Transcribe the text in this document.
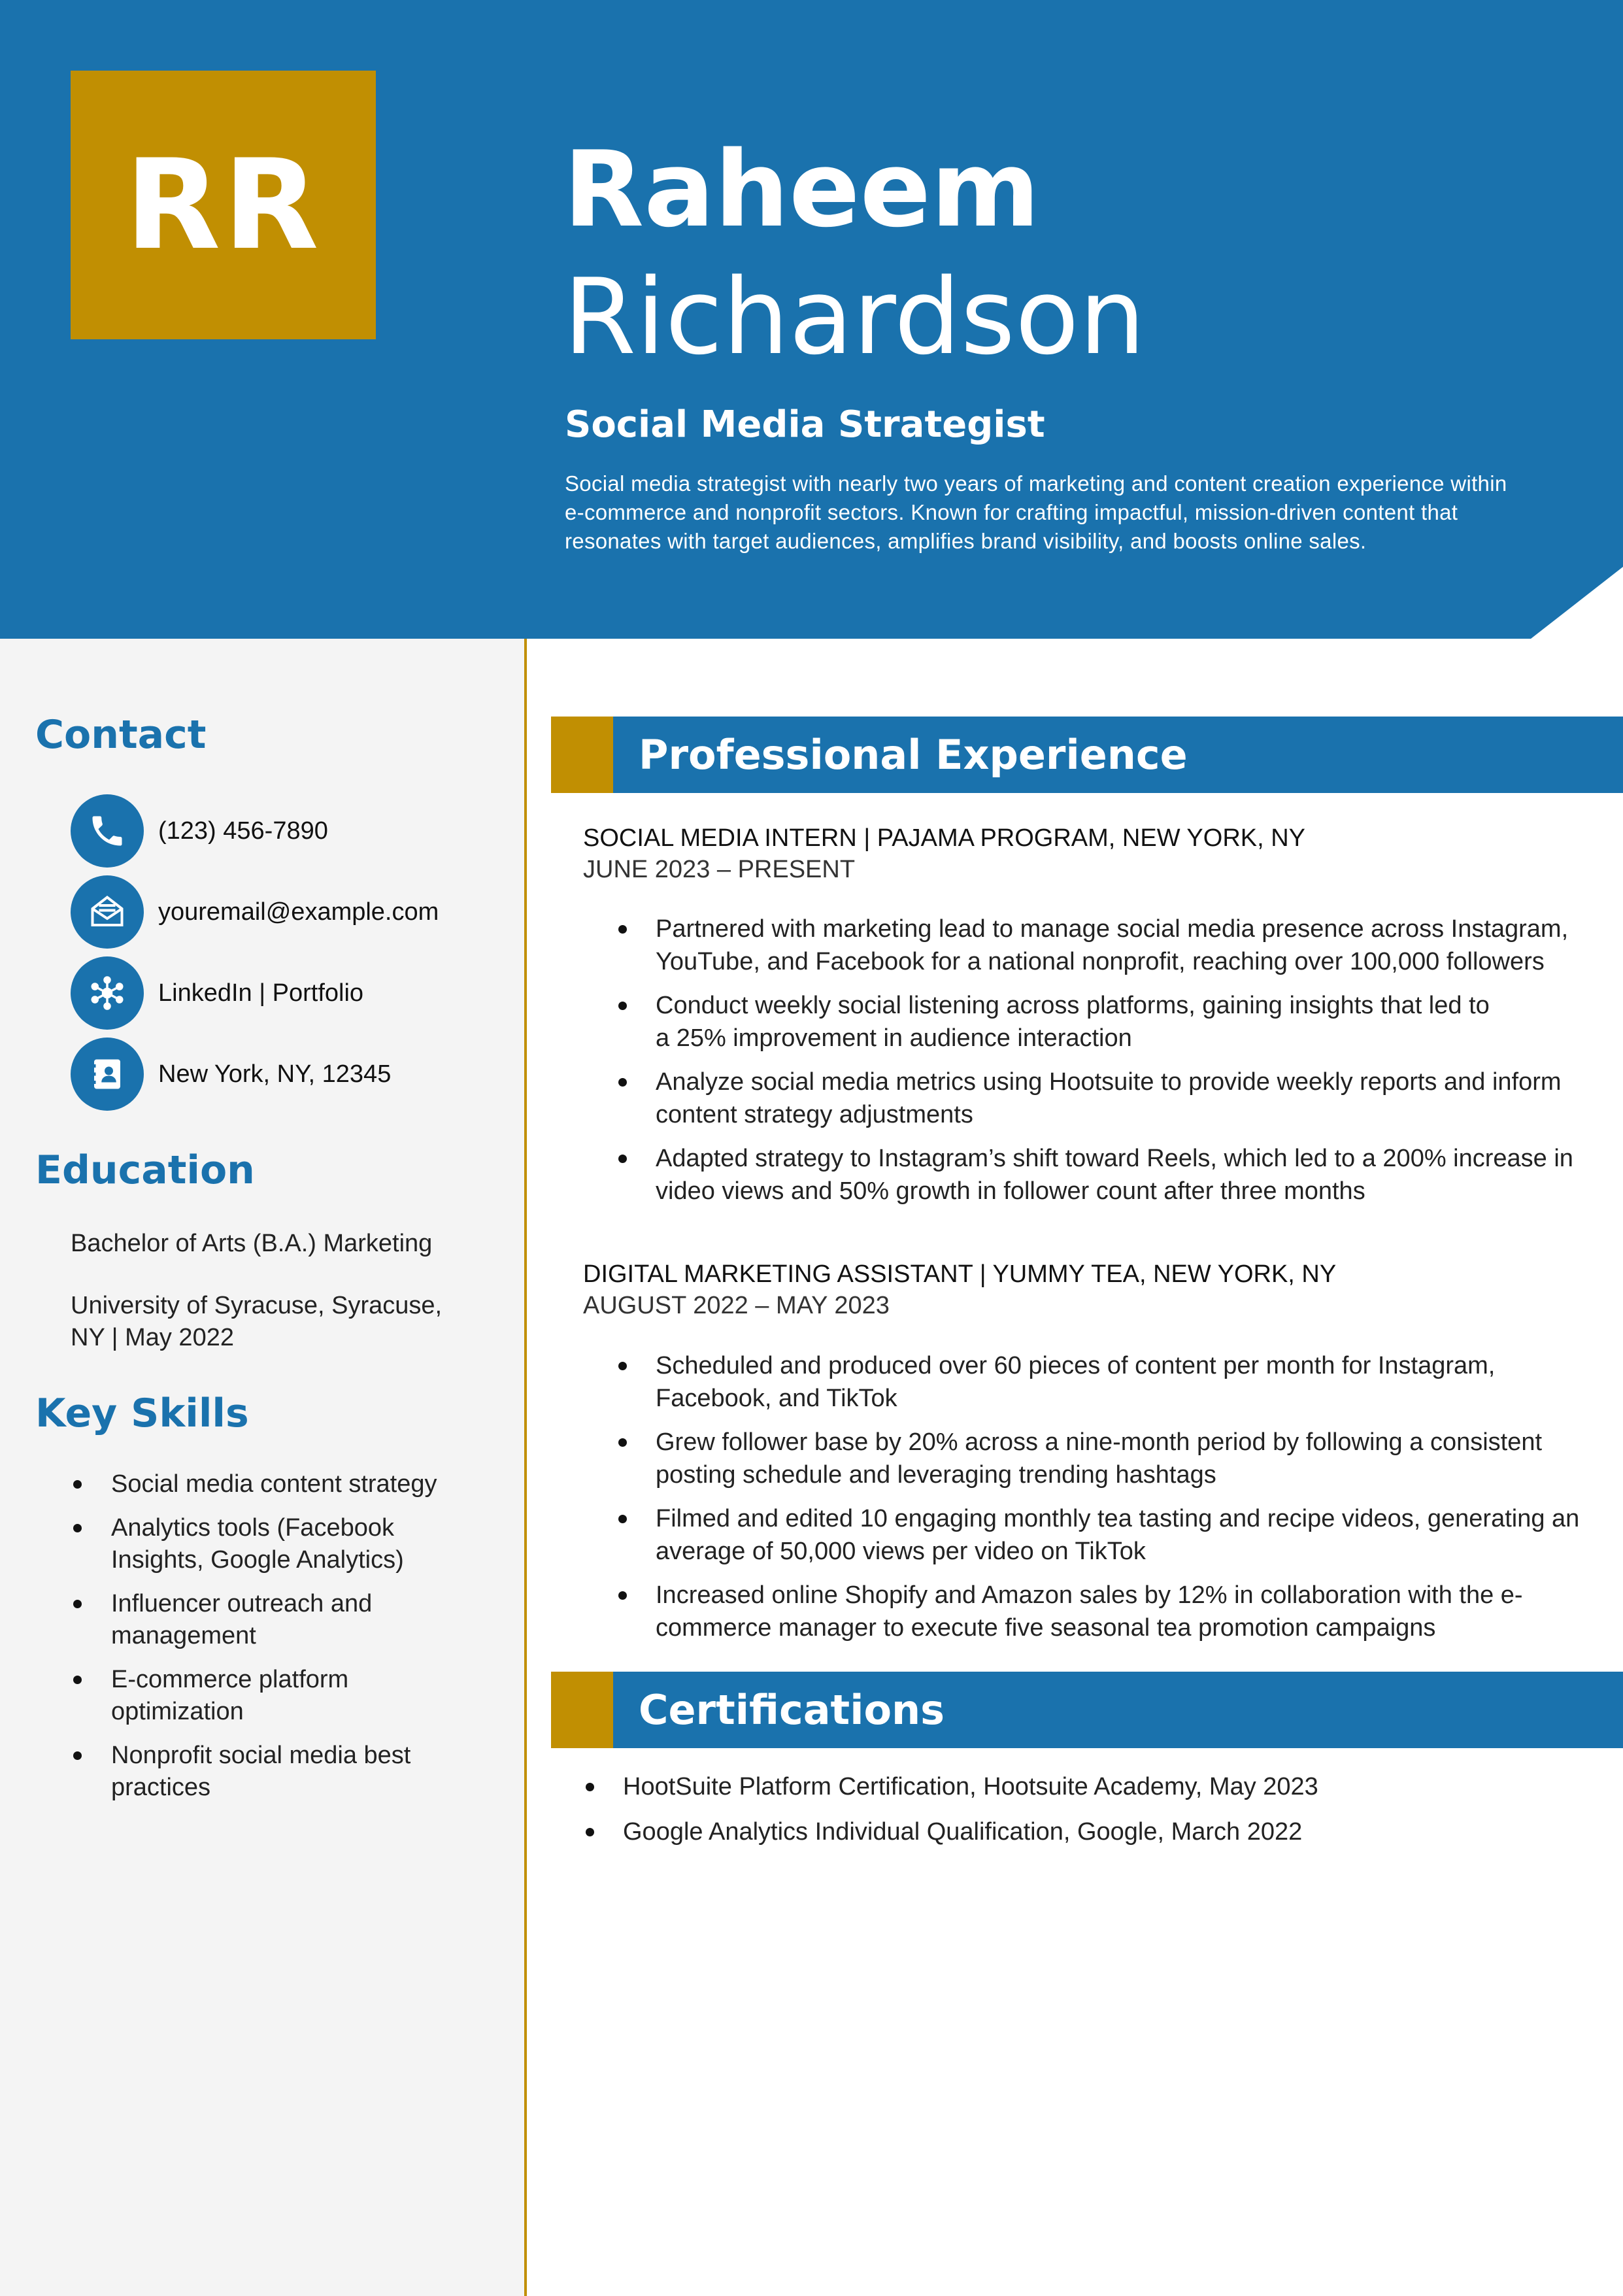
RR	Raheem
Richardson
Social Media Strategist
Social media strategist with nearly two years of marketing and content creation experience within e-commerce and nonprofit sectors. Known for crafting impactful, mission-driven content that resonates with target audiences, amplifies brand visibility, and boosts online sales.
Contact
(123) 456-7890
youremail@example.com
LinkedIn | Portfolio
New York, NY, 12345
Education
Bachelor of Arts (B.A.) Marketing
University of Syracuse, Syracuse, NY | May 2022
Key Skills
Social media content strategy
Analytics tools (Facebook Insights, Google Analytics)
Influencer outreach and management
E-commerce platform optimization
Nonprofit social media best practices
Professional Experience
SOCIAL MEDIA INTERN | PAJAMA PROGRAM, NEW YORK, NY
JUNE 2023 – PRESENT
Partnered with marketing lead to manage social media presence across Instagram, YouTube, and Facebook for a national nonprofit, reaching over 100,000 followers
Conduct weekly social listening across platforms, gaining insights that led to a 25% improvement in audience interaction
Analyze social media metrics using Hootsuite to provide weekly reports and inform content strategy adjustments
Adapted strategy to Instagram’s shift toward Reels, which led to a 200% increase in video views and 50% growth in follower count after three months
DIGITAL MARKETING ASSISTANT | YUMMY TEA, NEW YORK, NY
AUGUST 2022 – MAY 2023
Scheduled and produced over 60 pieces of content per month for Instagram, Facebook, and TikTok
Grew follower base by 20% across a nine-month period by following a consistent posting schedule and leveraging trending hashtags
Filmed and edited 10 engaging monthly tea tasting and recipe videos, generating an average of 50,000 views per video on TikTok
Increased online Shopify and Amazon sales by 12% in collaboration with the e-commerce manager to execute five seasonal tea promotion campaigns
Certifications
HootSuite Platform Certification, Hootsuite Academy, May 2023
Google Analytics Individual Qualification, Google, March 2022
